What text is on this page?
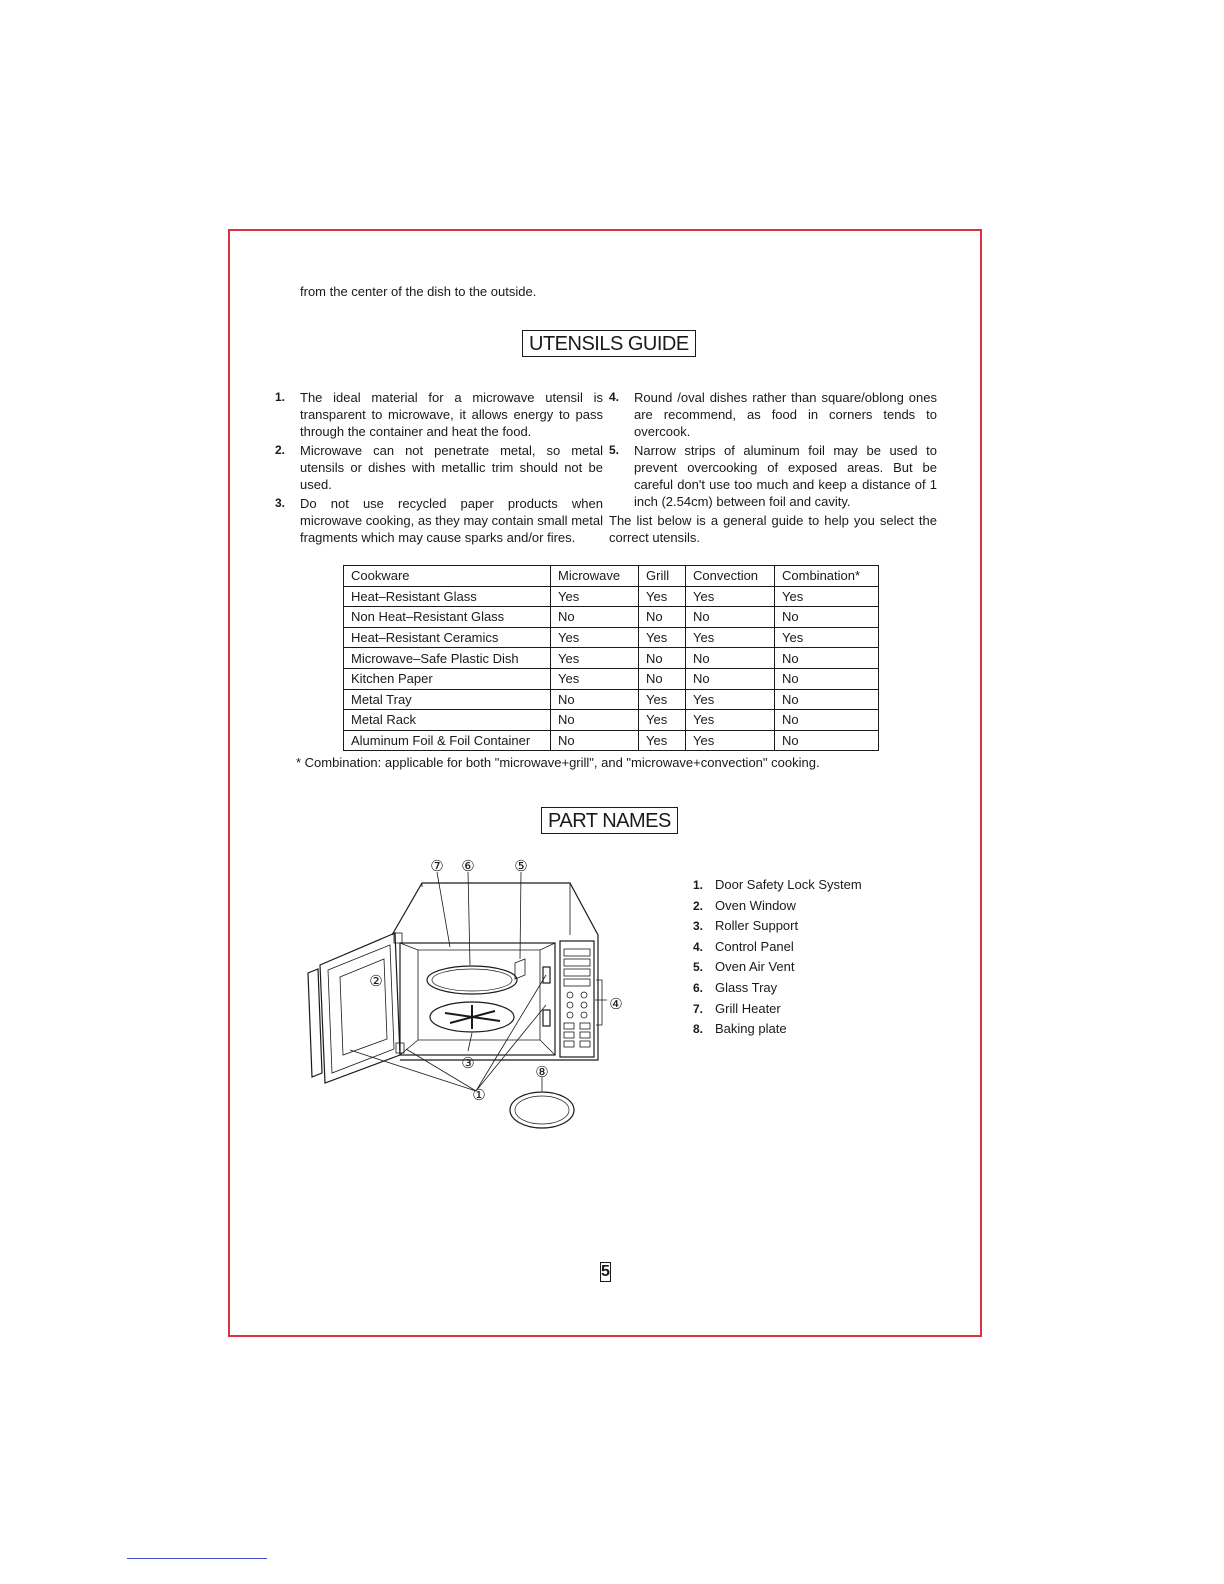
from the center of the dish to the outside.
UTENSILS GUIDE
1. The ideal material for a microwave utensil is transparent to microwave, it allows energy to pass through the container and heat the food.
2. Microwave can not penetrate metal, so metal utensils or dishes with metallic trim should not be used.
3. Do not use recycled paper products when microwave cooking, as they may contain small metal fragments which may cause sparks and/or fires.
4. Round /oval dishes rather than square/oblong ones are recommend, as food in corners tends to overcook.
5. Narrow strips of aluminum foil may be used to prevent overcooking of exposed areas. But be careful don't use too much and keep a distance of 1 inch (2.54cm) between foil and cavity.
The list below is a general guide to help you select the correct utensils.
Cookware	Microwave	Grill	Convection	Combination*
Heat–Resistant Glass	Yes	Yes	Yes	Yes
Non Heat–Resistant Glass	No	No	No	No
Heat–Resistant Ceramics	Yes	Yes	Yes	Yes
Microwave–Safe Plastic Dish	Yes	No	No	No
Kitchen Paper	Yes	No	No	No
Metal Tray	No	Yes	Yes	No
Metal Rack	No	Yes	Yes	No
Aluminum Foil & Foil Container	No	Yes	Yes	No
* Combination: applicable for both "microwave+grill", and "microwave+convection" cooking.
PART NAMES
⑦ ⑥	⑤
②
③
④
①
⑧
1. Door Safety Lock System
2. Oven Window
3. Roller Support
4. Control Panel
5. Oven Air Vent
6. Glass Tray
7. Grill Heater
8. Baking plate
5
